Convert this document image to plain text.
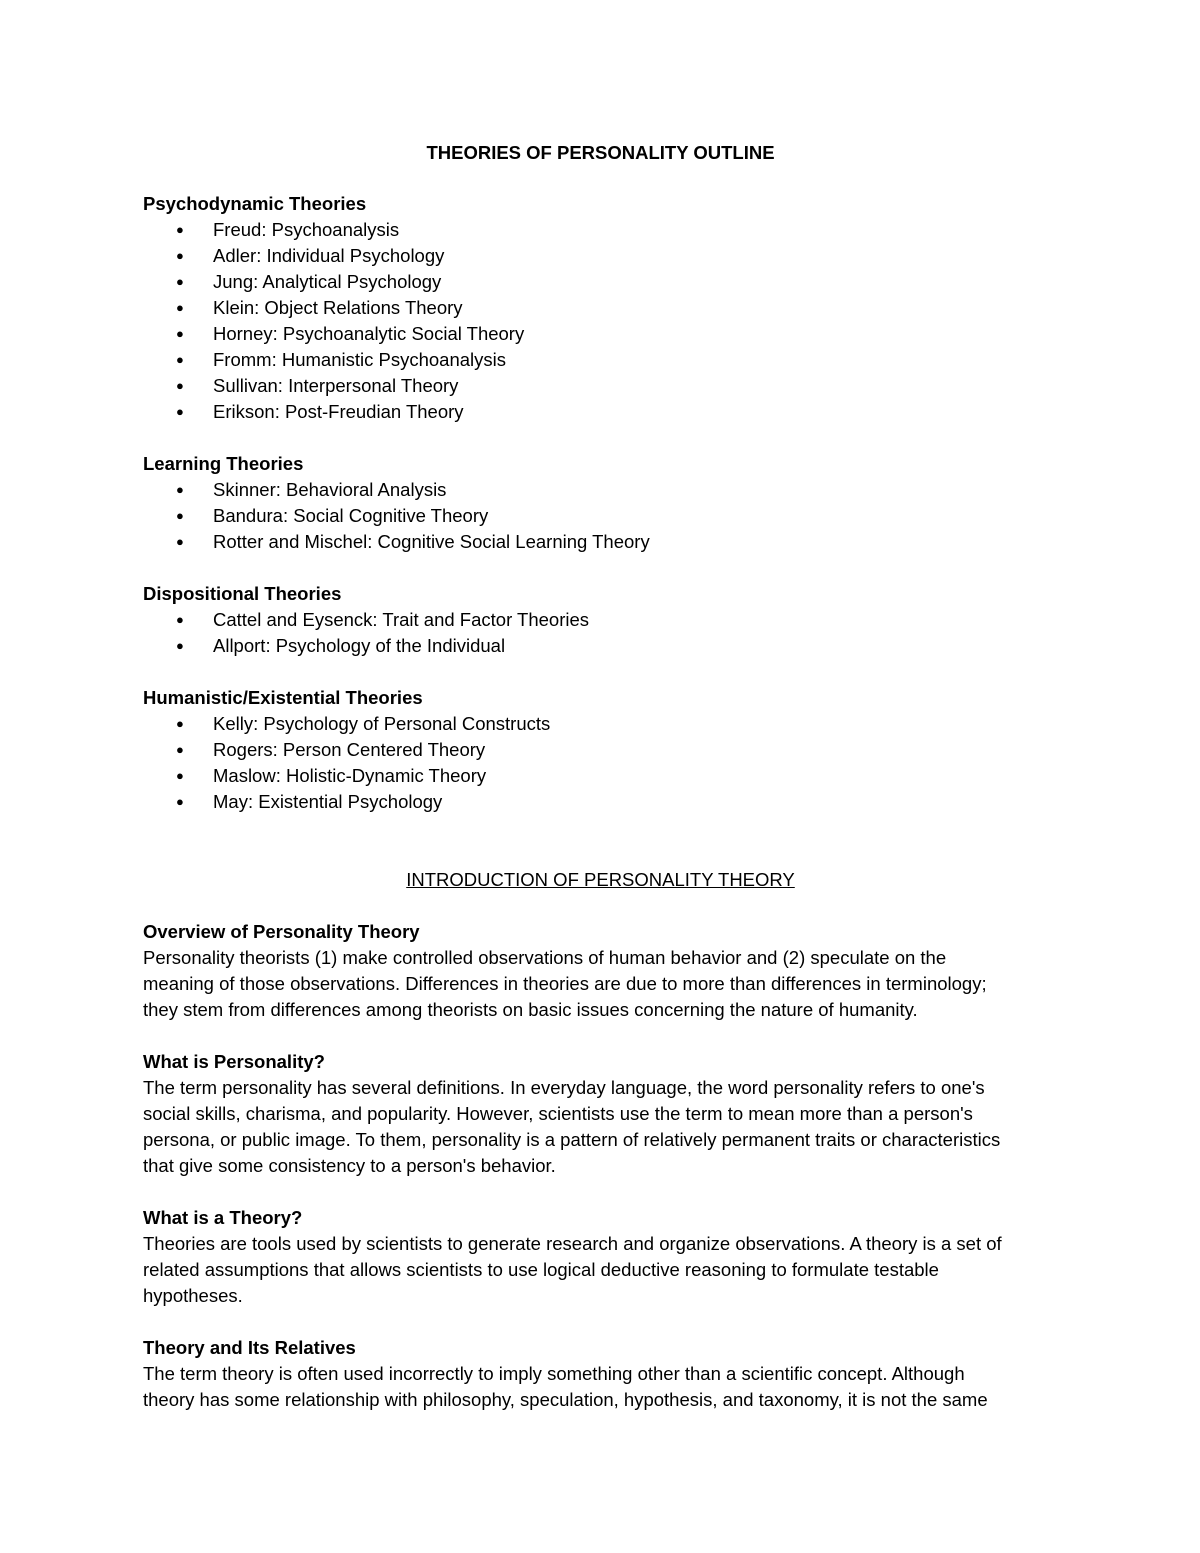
THEORIES OF PERSONALITY OUTLINE
Psychodynamic Theories
● Freud: Psychoanalysis
● Adler: Individual Psychology
● Jung: Analytical Psychology
● Klein: Object Relations Theory
● Horney: Psychoanalytic Social Theory
● Fromm: Humanistic Psychoanalysis
● Sullivan: Interpersonal Theory
● Erikson: Post-Freudian Theory
Learning Theories
● Skinner: Behavioral Analysis
● Bandura: Social Cognitive Theory
● Rotter and Mischel: Cognitive Social Learning Theory
Dispositional Theories
● Cattel and Eysenck: Trait and Factor Theories
● Allport: Psychology of the Individual
Humanistic/Existential Theories
● Kelly: Psychology of Personal Constructs
● Rogers: Person Centered Theory
● Maslow: Holistic-Dynamic Theory
● May: Existential Psychology
INTRODUCTION OF PERSONALITY THEORY
Overview of Personality Theory
Personality theorists (1) make controlled observations of human behavior and (2) speculate on the
meaning of those observations. Differences in theories are due to more than differences in terminology;
they stem from differences among theorists on basic issues concerning the nature of humanity.
What is Personality?
The term personality has several definitions. In everyday language, the word personality refers to one's
social skills, charisma, and popularity. However, scientists use the term to mean more than a person's
persona, or public image. To them, personality is a pattern of relatively permanent traits or characteristics
that give some consistency to a person's behavior.
What is a Theory?
Theories are tools used by scientists to generate research and organize observations. A theory is a set of
related assumptions that allows scientists to use logical deductive reasoning to formulate testable
hypotheses.
Theory and Its Relatives
The term theory is often used incorrectly to imply something other than a scientific concept. Although
theory has some relationship with philosophy, speculation, hypothesis, and taxonomy, it is not the same
